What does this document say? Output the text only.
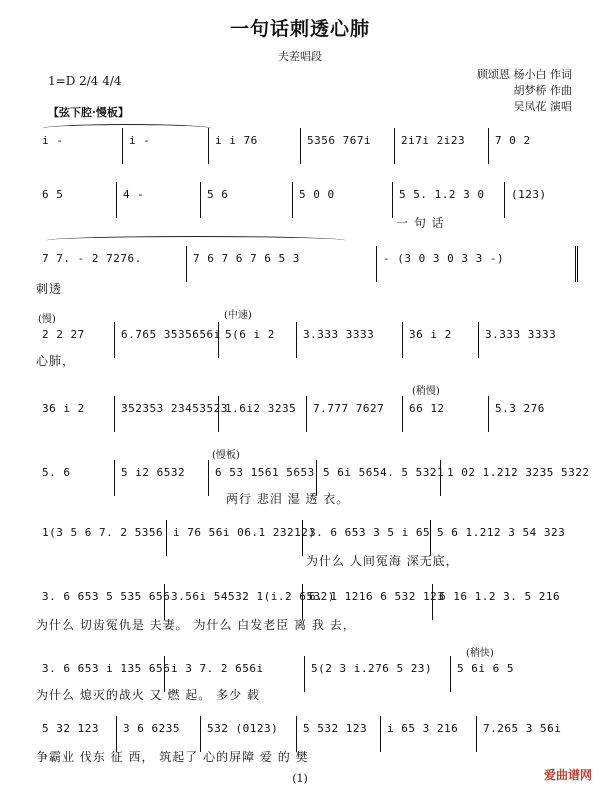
一句话刺透心肺
夫差唱段
顾颂恩 杨小白 作词
胡梦桥 作曲
吴凤花 演唱
1=D 2/4 4/4
【弦下腔·慢板】
i -	i -	i i 76	5356 767i	2i7i 2i23	7 0 2
6 5	4 -	5 6	5 0 0	5 5. 1.2 3 0	(123)
一 句 话
7 7. - 2 7276.	7 6 7 6 7 6 5 3	- (3 0 3 0 3 3 -)
刺透
(慢)	(中速)
2 2 27	6.765 3535656i 5(6 i 2	3.333 3333	36 i 2	3.333 3333
心肺，
(稍慢)
36 i 2	352353 23453523
1.6i2 3235	7.777 7627	66 12	5.3 276
(慢板)
5. 6	5 i2 6532	6 53 1561 5653 5 6i 5654. 5 5321 1 02 1.212 3235 5322
两行 悲泪 湿 透 衣。
1(3 5 6 7. 2 5356 i 76 56i 06.1 23212)
3. 6 653 3 5 i 65 5 6 1.212 3 54 323
为什么 人间冤海 深无底，
3. 6 653 5 535 656 3.56i 54532 1(i.2 6532)
6. 1 1216 6 532 123
6 16 1.2 3. 5 216
为什么 切齿冤仇是 夫妻。 为什么 白发老臣 离 我 去，
(稍快)
3. 6 653 i 135 656 i 3 7. 2 656i	5(2 3 i.276 5 23)	5 6i 6 5
为什么 熄灭的战火 又 燃 起。 多少 载
5 32 123	3 6 6235	532 (0123)	5 532 123	i 65 3 216	7.265 3 56i
争霸业 伐东 征 西， 筑起了 心的屏障 爱 的 樊
(1)	爱曲谱网
